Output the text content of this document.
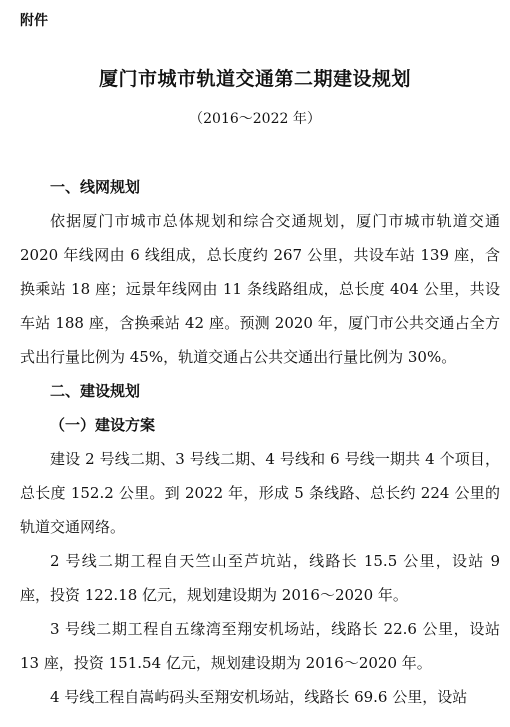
附件
厦门市城市轨道交通第二期建设规划
（2016～2022 年）
一、线网规划

依据厦门市城市总体规划和综合交通规划，厦门市城市轨道交通 2020 年线网由 6 线组成，总长度约 267 公里，共设车站 139 座，含换乘站 18 座；远景年线网由 11 条线路组成，总长度 404 公里，共设车站 188 座，含换乘站 42 座。预测 2020 年，厦门市公共交通占全方式出行量比例为 45%，轨道交通占公共交通出行量比例为 30%。

二、建设规划
（一）建设方案

建设 2 号线二期、3 号线二期、4 号线和 6 号线一期共 4 个项目，总长度 152.2 公里。到 2022 年，形成 5 条线路、总长约 224 公里的轨道交通网络。

2 号线二期工程自天竺山至芦坑站，线路长 15.5 公里，设站 9 座，投资 122.18 亿元，规划建设期为 2016～2020 年。

3 号线二期工程自五缘湾至翔安机场站，线路长 22.6 公里，设站 13 座，投资 151.54 亿元，规划建设期为 2016～2020 年。

4 号线工程自嵩屿码头至翔安机场站，线路长 69.6 公里，设站
